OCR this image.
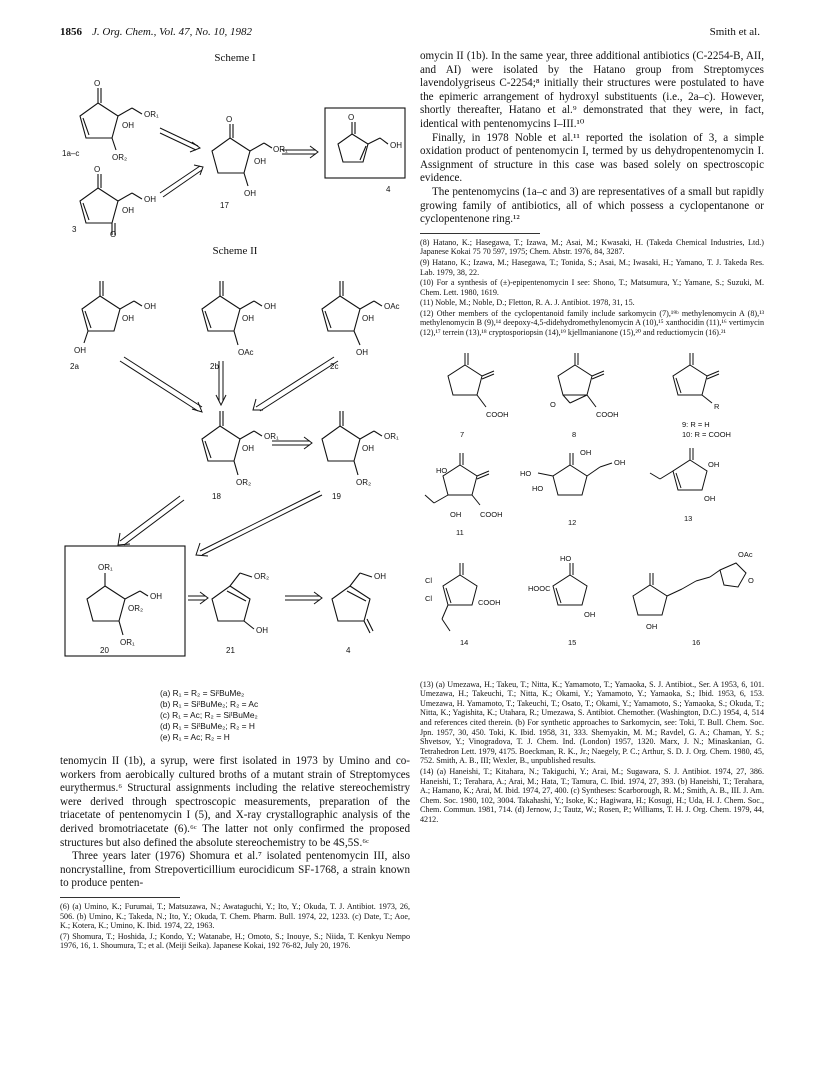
1856 J. Org. Chem., Vol. 47, No. 10, 1982	Smith et al.
Scheme I
O
OR₁
OH
OR₂
1a–c
O
OH
OH
O
3
O
OR₁
OH
OH
17
O
OH
4
Scheme II
OH
OH
OH
2a
OH
OH
OAc
2b
OAc
OH
OH
2c
OR₁
OH
OR₂
18
OR₁
OH
OR₂
19
OR₁
OH
OR₂
OR₁
20
OR₂
OH
21
OH
4
(a) R₁ = R₂ = SiᵗBuMe₂
(b) R₁ = SiᵗBuMe₂; R₂ = Ac
(c) R₁ = Ac; R₂ = SiᵗBuMe₂
(d) R₁ = SiᵗBuMe₂; R₂ = H
(e) R₁ = Ac; R₂ = H

tenomycin II (1b), a syrup, were first isolated in 1973 by Umino and co-workers from aerobically cultured broths of a mutant strain of Streptomyces eurythermus.⁶ Structural assignments including the relative stereochemistry were derived through spectroscopic measurements, preparation of the triacetate of pentenomycin I (5), and X-ray crystallographic analysis of the derived bromotriacetate (6).⁶ᶜ The latter not only confirmed the proposed structures but also defined the absolute stereochemistry to be 4S,5S.⁶ᶜ

Three years later (1976) Shomura et al.⁷ isolated pentenomycin III, also noncrystalline, from Strepoverticillium eurocidicum SF-1768, a strain known to produce penten-

(6) (a) Umino, K.; Furumai, T.; Matsuzawa, N.; Awataguchi, Y.; Ito, Y.; Okuda, T. J. Antibiot. 1973, 26, 506. (b) Umino, K.; Takeda, N.; Ito, Y.; Okuda, T. Chem. Pharm. Bull. 1974, 22, 1233. (c) Date, T.; Aoe, K.; Kotera, K.; Umino, K. Ibid. 1974, 22, 1963.

(7) Shomura, T.; Hoshida, J.; Kondo, Y.; Watanabe, H.; Omoto, S.; Inouye, S.; Niida, T. Kenkyu Nempo 1976, 16, 1. Shoumura, T.; et al. (Meiji Seika). Japanese Kokai, 192 76-82, July 20, 1976.

omycin II (1b). In the same year, three additional antibiotics (C-2254-B, AII, and AI) were isolated by the Hatano group from Streptomyces lavendolygriseus C-2254;⁸ initially their structures were postulated to have the epimeric arrangement of hydroxyl substituents (i.e., 2a–c). However, shortly thereafter, Hatano et al.⁹ demonstrated that they were, in fact, identical with pentenomycins I–III.¹⁰

Finally, in 1978 Noble et al.¹¹ reported the isolation of 3, a simple oxidation product of pentenomycin I, termed by us dehydropentenomycin I. Assignment of structure in this case was based solely on spectroscopic evidence.

The pentenomycins (1a–c and 3) are representatives of a small but rapidly growing family of antibiotics, all of which possess a cyclopentanone or cyclopentenone ring.¹²

(8) Hatano, K.; Hasegawa, T.; Izawa, M.; Asai, M.; Kwasaki, H. (Takeda Chemical Industries, Ltd.) Japanese Kokai 75 70 597, 1975; Chem. Abstr. 1976, 84, 3287.

(9) Hatano, K.; Izawa, M.; Hasegawa, T.; Tonida, S.; Asai, M.; Iwasaki, H.; Yamano, T. J. Takeda Res. Lab. 1979, 38, 22.

(10) For a synthesis of (±)-epipentenomycin I see: Shono, T.; Matsumura, Y.; Yamane, S.; Suzuki, M. Chem. Lett. 1980, 1619.

(11) Noble, M.; Noble, D.; Fletton, R. A. J. Antibiot. 1978, 31, 15.

(12) Other members of the cyclopentanoid family include sarkomycin (7),¹⁹ᵇ methylenomycin A (8),¹³ methylenomycin B (9),¹⁴ deepoxy-4,5-didehydromethylenomycin A (10),¹⁵ xanthocidin (11),¹⁶ vertimycin (12),¹⁷ terrein (13),¹⁸ cryptosporiopsin (14),¹⁹ kjellmanianone (15),²⁰ and reductiomycin (16).²¹

COOH
7
COOH
O
8
R
9: R = H
10: R = COOH
HO
OH	COOH
11
HO
HO
OH
OH
12
OH
OH
13
Cl
Cl	COOH
14
HO
HOOC
OH
15
OAc
O
OH
16

(13) (a) Umezawa, H.; Takeu, T.; Nitta, K.; Yamamoto, T.; Yamaoka, S. J. Antibiot., Ser. A 1953, 6, 101. Umezawa, H.; Takeuchi, T.; Nitta, K.; Okami, Y.; Yamamoto, Y.; Yamaoka, S.; Ibid. 1953, 6, 153. Umezawa, H. Yamamoto, T.; Takeuchi, T.; Osato, T.; Okami, Y.; Yamamoto, S.; Yamaoka, S.; Okuda, T.; Nitta, K.; Yagishita, K.; Utahara, R.; Umezawa, S. Antibiot. Chemother. (Washington, D.C.) 1954, 4, 514 and references cited therein. (b) For synthetic approaches to Sarkomycin, see: Toki, T. Bull. Chem. Soc. Jpn. 1957, 30, 450. Toki, K. Ibid. 1958, 31, 333. Shemyakin, M. M.; Ravdel, G. A.; Chaman, Y. S.; Shvetsov, Y.; Vinogradova, T. J. Chem. Ind. (London) 1957, 1320. Marx, J. N.; Minaskanian, G. Tetrahedron Lett. 1979, 4175. Boeckman, R. K., Jr.; Naegely, P. C.; Arthur, S. D. J. Org. Chem. 1980, 45, 752. Smith, A. B., III; Wexler, B., unpublished results.

(14) (a) Haneishi, T.; Kitahara, N.; Takiguchi, Y.; Arai, M.; Sugawara, S. J. Antibiot. 1974, 27, 386. Haneishi, T.; Terahara, A.; Arai, M.; Hata, T.; Tamura, C. Ibid. 1974, 27, 393. (b) Haneishi, T.; Terahara, A.; Hamano, K.; Arai, M. Ibid. 1974, 27, 400. (c) Syntheses: Scarborough, R. M.; Smith, A. B., III. J. Am. Chem. Soc. 1980, 102, 3004. Takahashi, Y.; Isoke, K.; Hagiwara, H.; Kosugi, H.; Uda, H. J. Chem. Soc., Chem. Commun. 1981, 714. (d) Jernow, J.; Tautz, W.; Rosen, P.; Williams, T. H. J. Org. Chem. 1979, 44, 4212.
